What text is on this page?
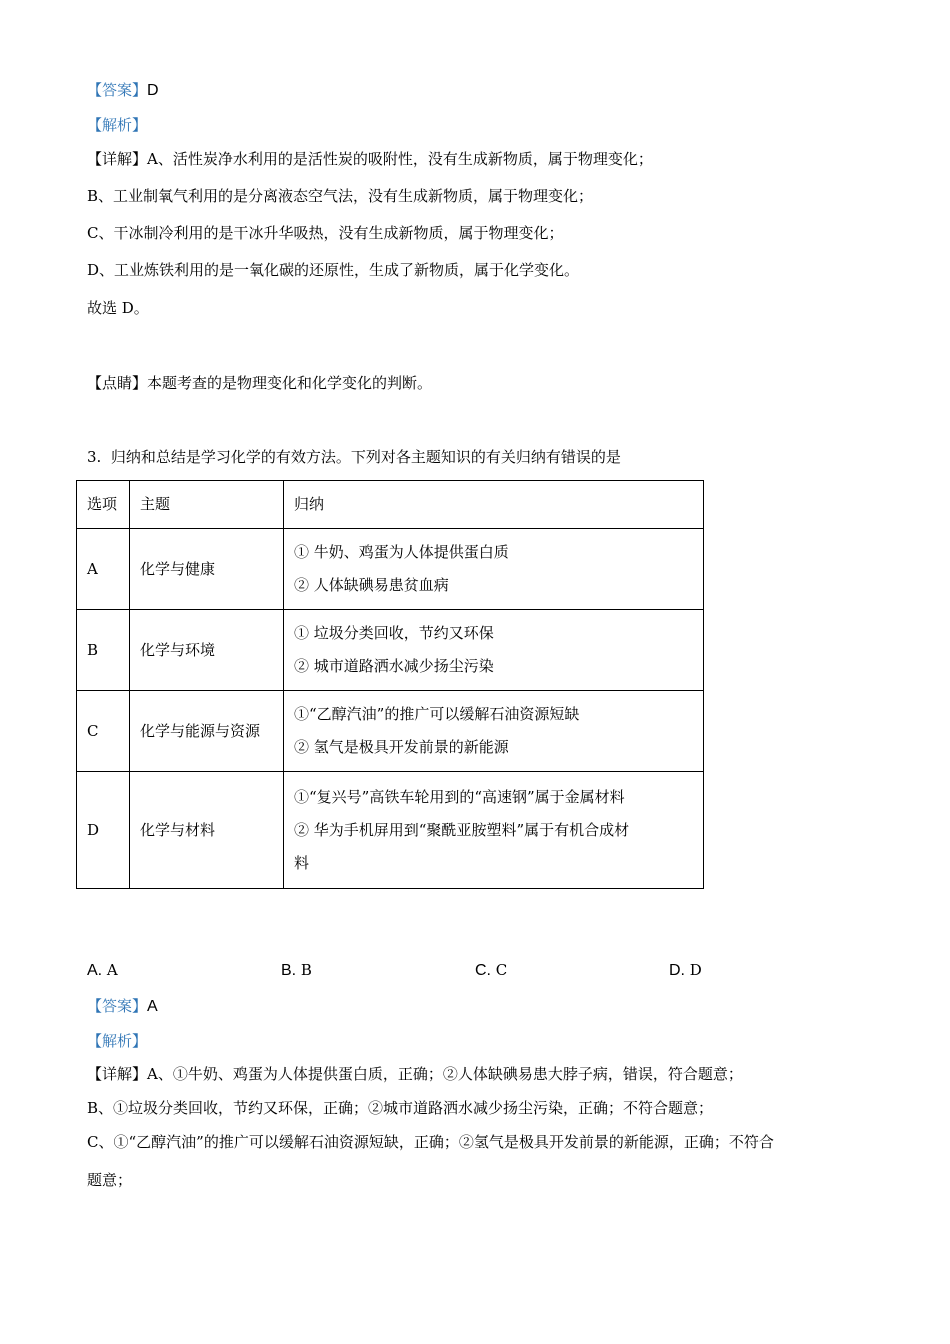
【答案】D
【解析】
【详解】A、活性炭净水利用的是活性炭的吸附性，没有生成新物质，属于物理变化；
B、工业制氧气利用的是分离液态空气法，没有生成新物质，属于物理变化；
C、干冰制冷利用的是干冰升华吸热，没有生成新物质，属于物理变化；
D、工业炼铁利用的是一氧化碳的还原性，生成了新物质，属于化学变化。
故选 D。
【点睛】本题考查的是物理变化和化学变化的判断。
3. 归纳和总结是学习化学的有效方法。下列对各主题知识的有关归纳有错误的是

选项	主题	归纳

A	化学与健康	① 牛奶、鸡蛋为人体提供蛋白质

② 人体缺碘易患贫血病

B	化学与环境	① 垃圾分类回收，节约又环保

② 城市道路洒水减少扬尘污染

C	化学与能源与资源	①“乙醇汽油”的推广可以缓解石油资源短缺

② 氢气是极具开发前景的新能源

D	化学与材料	①“复兴号”高铁车轮用到的“高速钢”属于金属材料

② 华为手机屏用到“聚酰亚胺塑料”属于有机合成材

料

A. A	B. B	C. C	D. D
【答案】A
【解析】
【详解】A、①牛奶、鸡蛋为人体提供蛋白质，正确；②人体缺碘易患大脖子病，错误，符合题意；
B、①垃圾分类回收，节约又环保，正确；②城市道路洒水减少扬尘污染，正确；不符合题意；
C、①“乙醇汽油”的推广可以缓解石油资源短缺，正确；②氢气是极具开发前景的新能源，正确；不符合
题意；
